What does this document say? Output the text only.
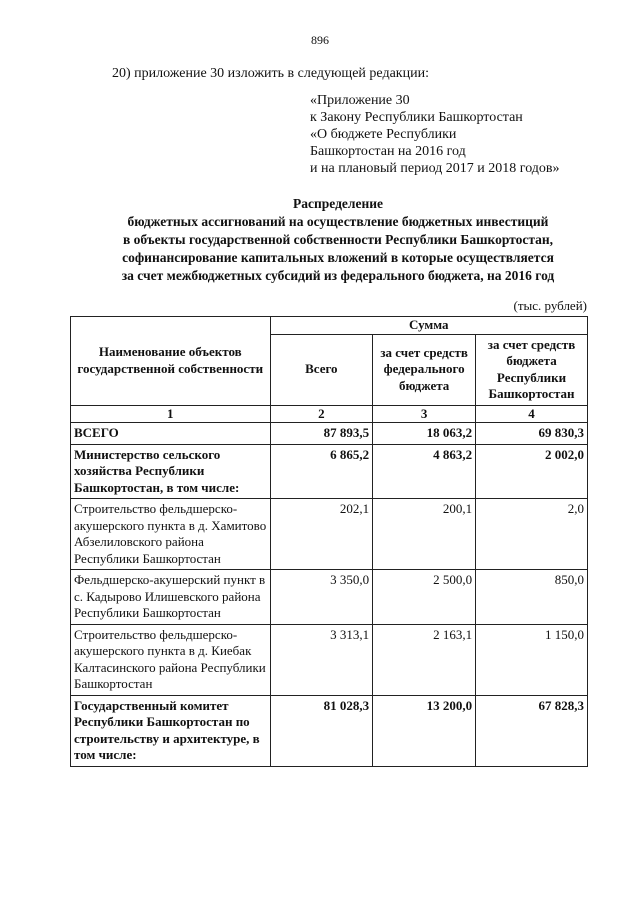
896
20) приложение 30 изложить в следующей редакции:
«Приложение 30
к Закону Республики Башкортостан
«О бюджете Республики
Башкортостан на 2016 год
и на плановый период 2017 и 2018 годов»
Распределение
бюджетных ассигнований на осуществление бюджетных инвестиций
в объекты государственной собственности Республики Башкортостан,
софинансирование капитальных вложений в которые осуществляется
за счет межбюджетных субсидий из федерального бюджета, на 2016 год
(тыс. рублей)
Наименование объектов государственной собственности	Сумма		
	Всего	за счет средств федерального бюджета	за счет средств бюджета Республики Башкортостан
1	2	3	4
ВСЕГО	87 893,5	18 063,2	69 830,3
Министерство сельского хозяйства Республики Башкортостан, в том числе:	6 865,2	4 863,2	2 002,0
Строительство фельдшерско-акушерского пункта в д. Хамитово Абзелиловского района Республики Башкортостан	202,1	200,1	2,0
Фельдшерско-акушерский пункт в с. Кадырово Илишевского района Республики Башкортостан	3 350,0	2 500,0	850,0
Строительство фельдшерско-акушерского пункта в д. Киебак Калтасинского района Республики Башкортостан	3 313,1	2 163,1	1 150,0
Государственный комитет Республики Башкортостан по строительству и архитектуре, в том числе:	81 028,3	13 200,0	67 828,3
